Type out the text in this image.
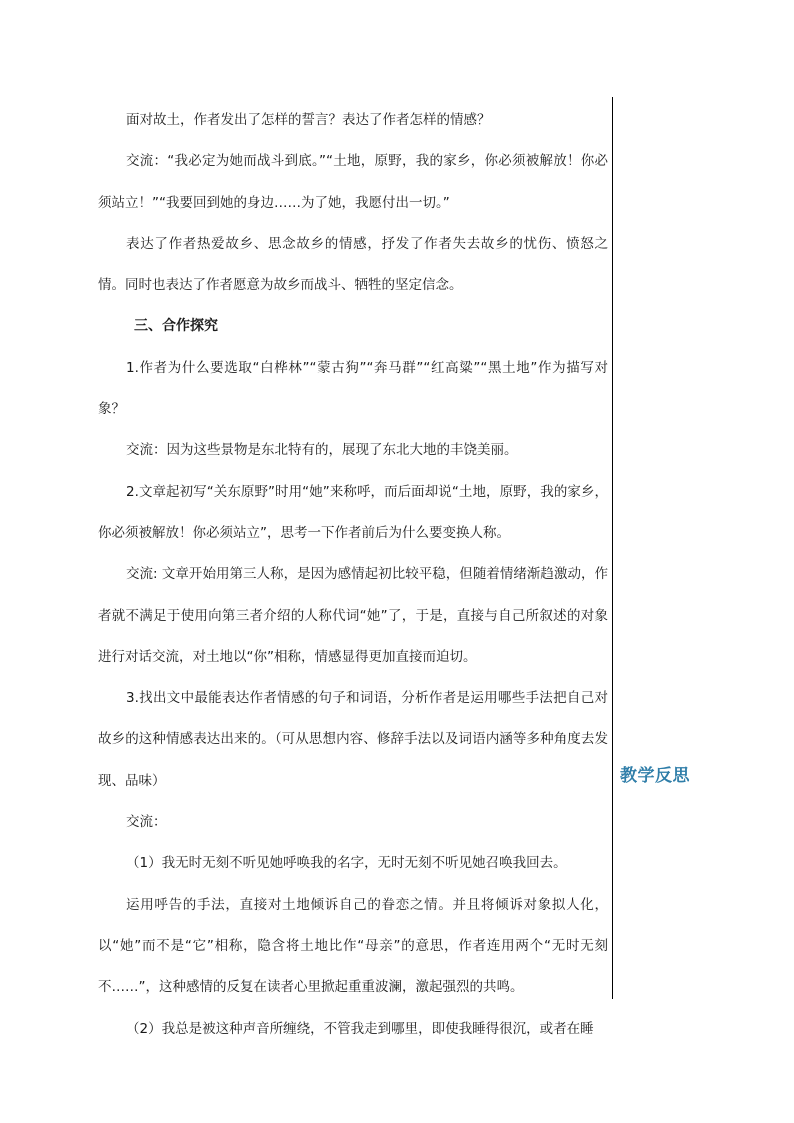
面对故土，作者发出了怎样的誓言？表达了作者怎样的情感？

交流：“我必定为她而战斗到底。”“土地，原野，我的家乡，你必须被解放！你必须站立！”“我要回到她的身边……为了她，我愿付出一切。”

表达了作者热爱故乡、思念故乡的情感，抒发了作者失去故乡的忧伤、愤怒之情。同时也表达了作者愿意为故乡而战斗、牺牲的坚定信念。

三、合作探究

1.作者为什么要选取“白桦林”“蒙古狗”“奔马群”“红高粱”“黑土地”作为描写对象？

交流：因为这些景物是东北特有的，展现了东北大地的丰饶美丽。

2.文章起初写“关东原野”时用“她”来称呼，而后面却说“土地，原野，我的家乡，你必须被解放！你必须站立”，思考一下作者前后为什么要变换人称。

交流: 文章开始用第三人称，是因为感情起初比较平稳，但随着情绪渐趋激动，作者就不满足于使用向第三者介绍的人称代词“她”了，于是，直接与自己所叙述的对象进行对话交流，对土地以“你”相称，情感显得更加直接而迫切。

3.找出文中最能表达作者情感的句子和词语，分析作者是运用哪些手法把自己对故乡的这种情感表达出来的。（可从思想内容、修辞手法以及词语内涵等多种角度去发现、品味）

交流：

（1）我无时无刻不听见她呼唤我的名字，无时无刻不听见她召唤我回去。

运用呼告的手法，直接对土地倾诉自己的眷恋之情。并且将倾诉对象拟人化，以“她”而不是“它”相称，隐含将土地比作“母亲”的意思，作者连用两个“无时无刻不……”，这种感情的反复在读者心里掀起重重波澜，激起强烈的共鸣。

（2）我总是被这种声音所缠绕，不管我走到哪里，即使我睡得很沉，或者在睡

教学反思
